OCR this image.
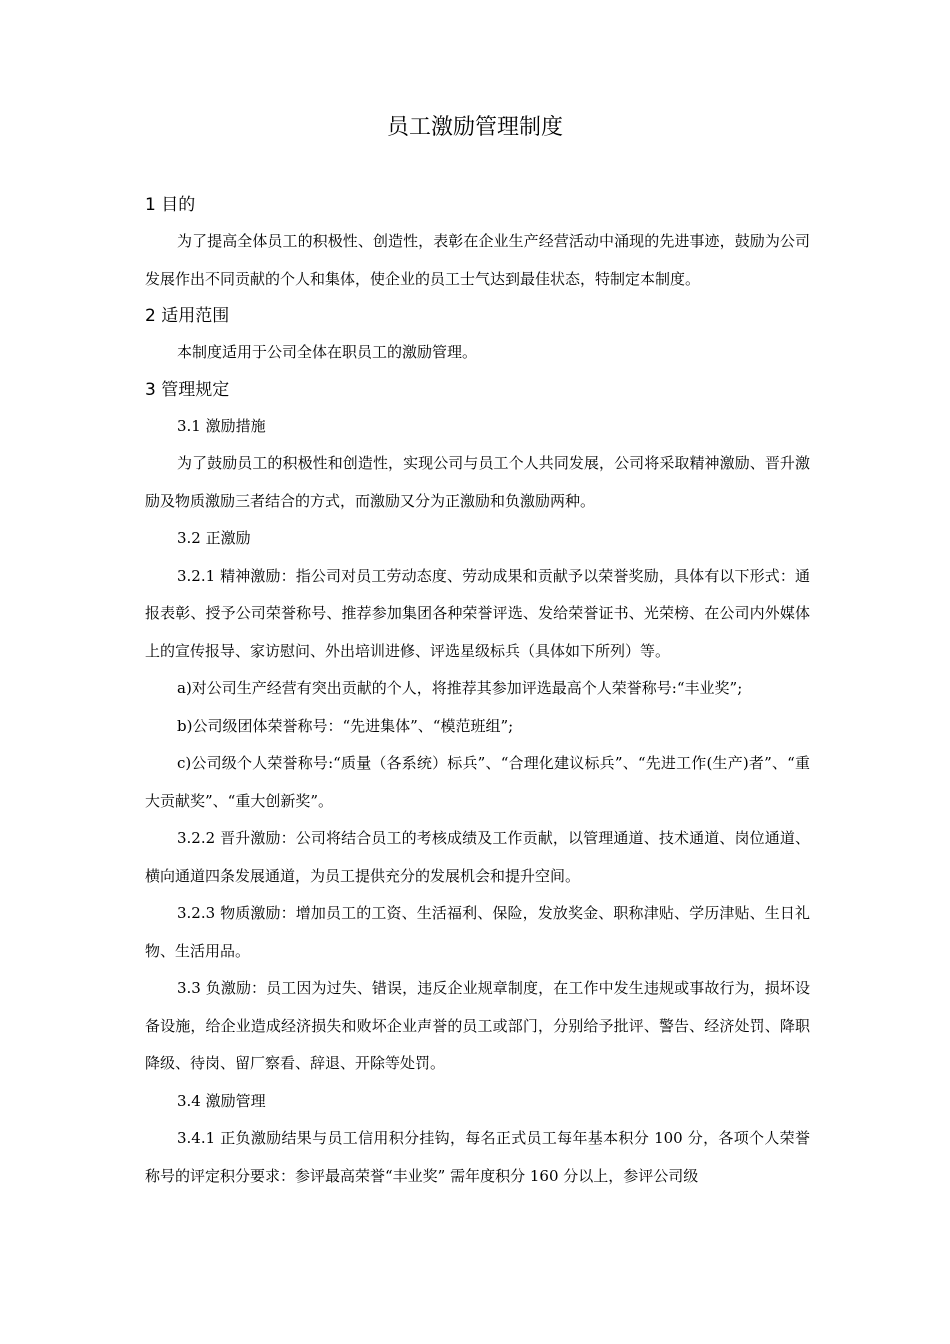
员工激励管理制度
1 目的

为了提高全体员工的积极性、创造性，表彰在企业生产经营活动中涌现的先进事迹，鼓励为公司发展作出不同贡献的个人和集体，使企业的员工士气达到最佳状态，特制定本制度。

2 适用范围

本制度适用于公司全体在职员工的激励管理。

3 管理规定

3.1 激励措施

为了鼓励员工的积极性和创造性，实现公司与员工个人共同发展，公司将采取精神激励、晋升激励及物质激励三者结合的方式，而激励又分为正激励和负激励两种。

3.2 正激励

3.2.1 精神激励：指公司对员工劳动态度、劳动成果和贡献予以荣誉奖励，具体有以下形式：通报表彰、授予公司荣誉称号、推荐参加集团各种荣誉评选、发给荣誉证书、光荣榜、在公司内外媒体上的宣传报导、家访慰问、外出培训进修、评选星级标兵（具体如下所列）等。

a)对公司生产经营有突出贡献的个人，将推荐其参加评选最高个人荣誉称号:“丰业奖”;

b)公司级团体荣誉称号：“先进集体”、“模范班组”;

c)公司级个人荣誉称号:“质量（各系统）标兵”、“合理化建议标兵”、“先进工作(生产)者”、“重大贡献奖”、“重大创新奖”。

3.2.2 晋升激励：公司将结合员工的考核成绩及工作贡献，以管理通道、技术通道、岗位通道、横向通道四条发展通道，为员工提供充分的发展机会和提升空间。

3.2.3 物质激励：增加员工的工资、生活福利、保险，发放奖金、职称津贴、学历津贴、生日礼物、生活用品。

3.3 负激励：员工因为过失、错误，违反企业规章制度，在工作中发生违规或事故行为，损坏设备设施，给企业造成经济损失和败坏企业声誉的员工或部门，分别给予批评、警告、经济处罚、降职降级、待岗、留厂察看、辞退、开除等处罚。

3.4 激励管理

3.4.1 正负激励结果与员工信用积分挂钩，每名正式员工每年基本积分 100 分，各项个人荣誉称号的评定积分要求：参评最高荣誉“丰业奖” 需年度积分 160 分以上，参评公司级
